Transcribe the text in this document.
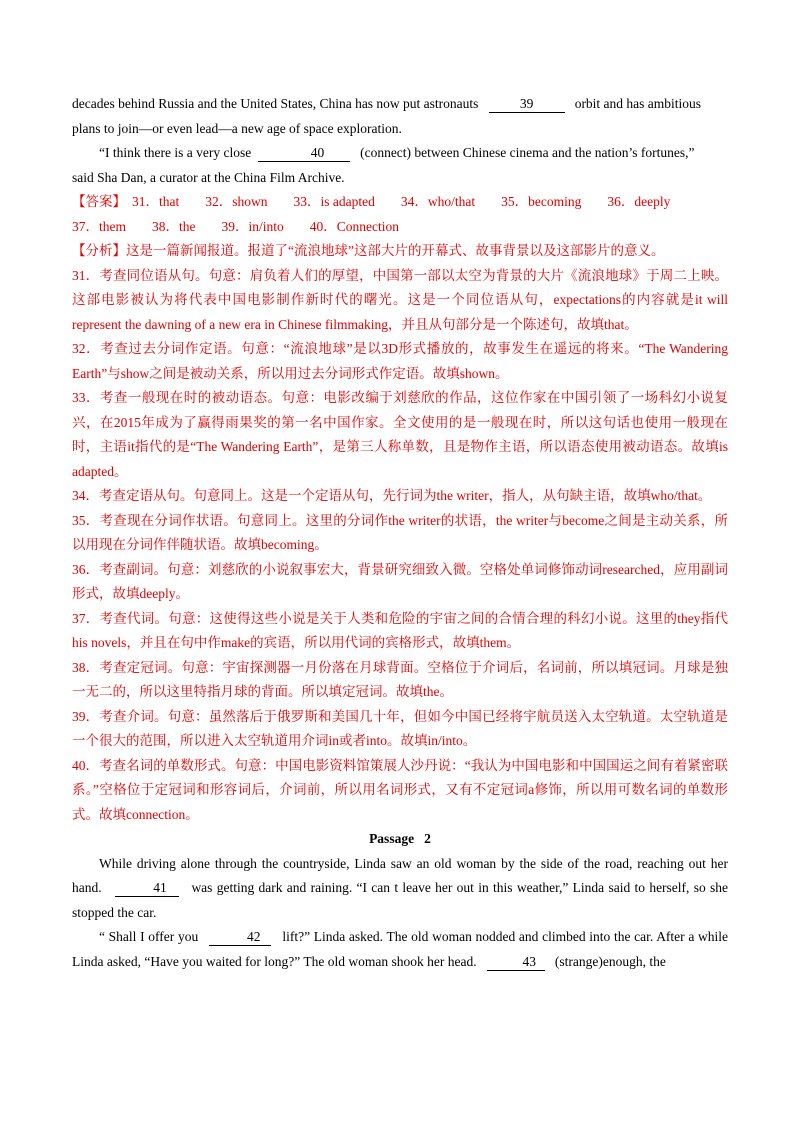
decades behind Russia and the United States, China has now put astronauts	39	orbit and has ambitious

plans to join—or even lead—a new age of space exploration.

“I think there is a very close	40	(connect) between Chinese cinema and the nation’s fortunes,”

said Sha Dan, a curator at the China Film Archive.

【答案】 31．that 32．shown 33．is adapted 34．who/that 35．becoming 36．deeply

37．them 38．the 39．in/into 40．Connection

【分析】这是一篇新闻报道。报道了“流浪地球”这部大片的开幕式、故事背景以及这部影片的意义。

31．考查同位语从句。句意：肩负着人们的厚望，中国第一部以太空为背景的大片《流浪地球》于周二上映。这部电影被认为将代表中国电影制作新时代的曙光。这是一个同位语从句，expectations的内容就是it will represent the dawning of a new era in Chinese filmmaking，并且从句部分是一个陈述句，故填that。

32．考查过去分词作定语。句意：“流浪地球”是以3D形式播放的，故事发生在遥远的将来。“The Wandering Earth”与show之间是被动关系，所以用过去分词形式作定语。故填shown。

33．考查一般现在时的被动语态。句意：电影改编于刘慈欣的作品，这位作家在中国引领了一场科幻小说复兴，在2015年成为了赢得雨果奖的第一名中国作家。全文使用的是一般现在时，所以这句话也使用一般现在时，主语it指代的是“The Wandering Earth”，是第三人称单数，且是物作主语，所以语态使用被动语态。故填is adapted。

34．考查定语从句。句意同上。这是一个定语从句，先行词为the writer，指人，从句缺主语，故填who/that。

35．考查现在分词作状语。句意同上。这里的分词作the writer的状语，the writer与become之间是主动关系，所以用现在分词作伴随状语。故填becoming。

36．考查副词。句意：刘慈欣的小说叙事宏大，背景研究细致入微。空格处单词修饰动词researched，应用副词形式，故填deeply。

37．考查代词。句意：这使得这些小说是关于人类和危险的宇宙之间的合情合理的科幻小说。这里的they指代his novels，并且在句中作make的宾语，所以用代词的宾格形式，故填them。

38．考查定冠词。句意：宇宙探测器一月份落在月球背面。空格位于介词后，名词前，所以填冠词。月球是独一无二的，所以这里特指月球的背面。所以填定冠词。故填the。

39．考查介词。句意：虽然落后于俄罗斯和美国几十年，但如今中国已经将宇航员送入太空轨道。太空轨道是一个很大的范围，所以进入太空轨道用介词in或者into。故填in/into。

40．考查名词的单数形式。句意：中国电影资料馆策展人沙丹说：“我认为中国电影和中国国运之间有着紧密联系。”空格位于定冠词和形容词后，介词前，所以用名词形式，又有不定冠词a修饰，所以用可数名词的单数形式。故填connection。

Passage   2

While driving alone through the countryside, Linda saw an old woman by the side of the road, reaching out her hand.	41 was getting dark and raining. “I can t leave her out in this weather,” Linda said to herself, so she stopped the car.

“ Shall I offer you	42 lift?” Linda asked. The old woman nodded and climbed into the car. After a while Linda asked, “Have you waited for long?” The old woman shook her head.	43 (strange)enough, the
